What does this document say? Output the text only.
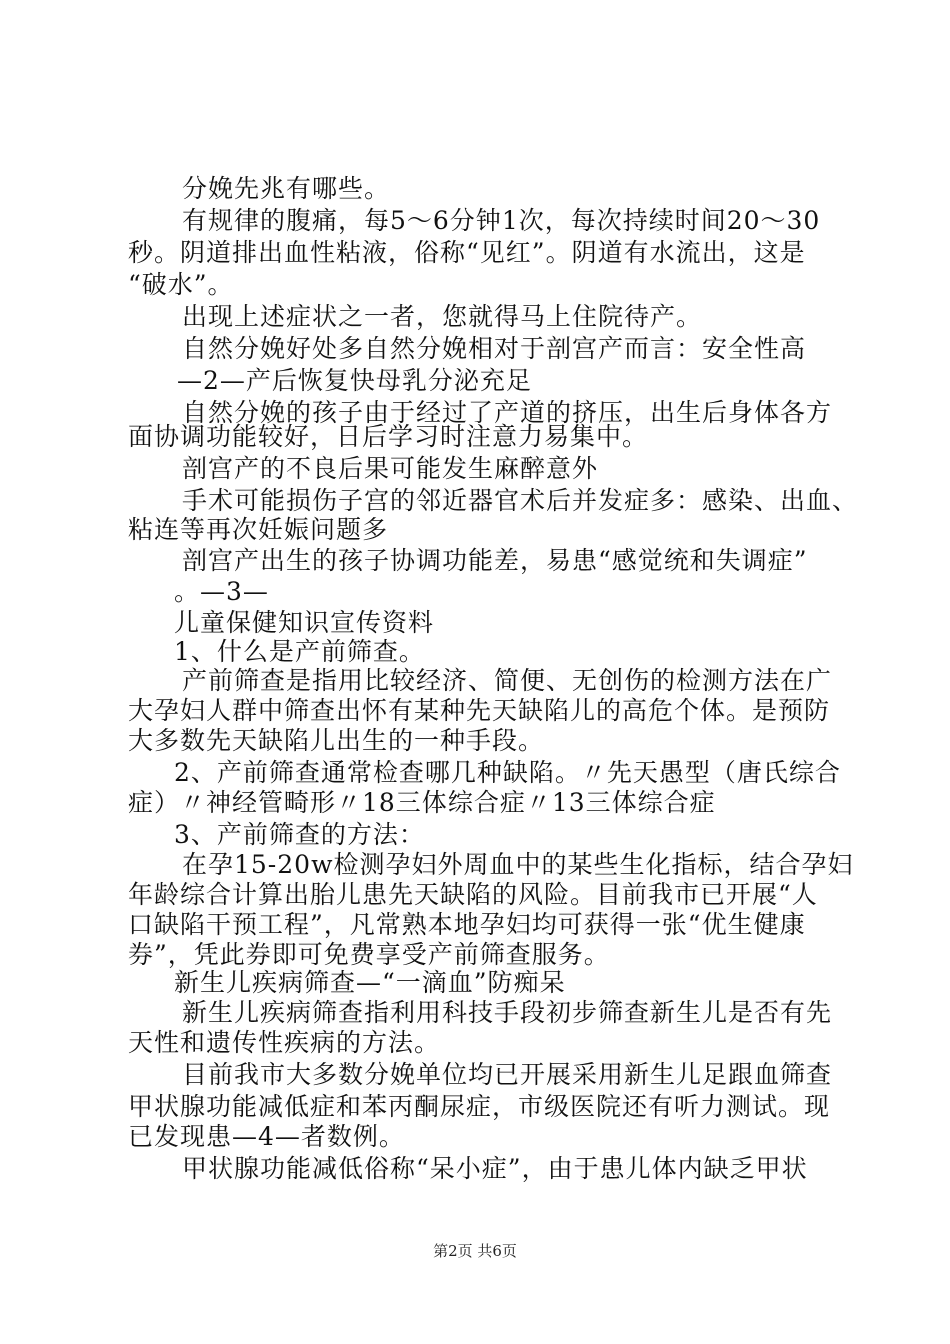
分娩先兆有哪些。
有规律的腹痛，每5～6分钟1次，每次持续时间20～30
秒。阴道排出血性粘液，俗称“见红”。阴道有水流出，这是
“破水”。
出现上述症状之一者，您就得马上住院待产。
自然分娩好处多自然分娩相对于剖宫产而言：安全性高
—2—产后恢复快母乳分泌充足
自然分娩的孩子由于经过了产道的挤压，出生后身体各方
面协调功能较好，日后学习时注意力易集中。
剖宫产的不良后果可能发生麻醉意外
手术可能损伤子宫的邻近器官术后并发症多：感染、出血、
粘连等再次妊娠问题多
剖宫产出生的孩子协调功能差，易患“感觉统和失调症”
。—3—
儿童保健知识宣传资料
1、什么是产前筛查。
产前筛查是指用比较经济、简便、无创伤的检测方法在广
大孕妇人群中筛查出怀有某种先天缺陷儿的高危个体。是预防
大多数先天缺陷儿出生的一种手段。
2、产前筛查通常检查哪几种缺陷。〃先天愚型（唐氏综合
症）〃神经管畸形〃18三体综合症〃13三体综合症
3、产前筛查的方法：
在孕15-20w检测孕妇外周血中的某些生化指标，结合孕妇
年龄综合计算出胎儿患先天缺陷的风险。目前我市已开展“人
口缺陷干预工程”，凡常熟本地孕妇均可获得一张“优生健康
券”，凭此券即可免费享受产前筛查服务。
新生儿疾病筛查—“一滴血”防痴呆
新生儿疾病筛查指利用科技手段初步筛查新生儿是否有先
天性和遗传性疾病的方法。
目前我市大多数分娩单位均已开展采用新生儿足跟血筛查
甲状腺功能减低症和苯丙酮尿症，市级医院还有听力测试。现
已发现患—4—者数例。
甲状腺功能减低俗称“呆小症”，由于患儿体内缺乏甲状
第2页 共6页
